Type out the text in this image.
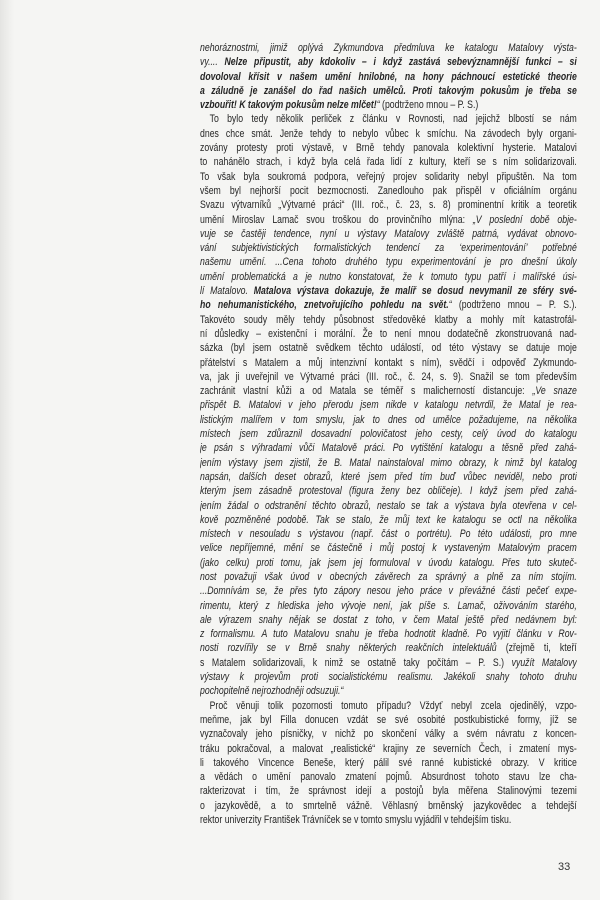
nehoráznostmi, jimiž oplývá Zykmundova předmluva ke katalogu Matalovy výsta-
vy.... Nelze připustit, aby kdokoliv – i když zastává sebevýznamnější funkci – si
dovoloval křísit v našem umění hnilobné, na hony páchnoucí estetické theorie
a záludně je zanášel do řad našich umělců. Proti takovým pokusům je třeba se
vzbouřit! K takovým pokusům nelze mlčet!“ (podtrženo mnou – P. S.)
To bylo tedy několik perliček z článku v Rovnosti, nad jejichž blbostí se nám
dnes chce smát. Jenže tehdy to nebylo vůbec k smíchu. Na závodech byly organi-
zovány protesty proti výstavě, v Brně tehdy panovala kolektivní hysterie. Matalovi
to nahánělo strach, i když byla celá řada lidí z kultury, kteří se s ním solidarizovali.
To však byla soukromá podpora, veřejný projev solidarity nebyl připuštěn. Na tom
všem byl nejhorší pocit bezmocnosti. Zanedlouho pak přispěl v oficiálním orgánu
Svazu výtvarníků „Výtvarné práci“ (III. roč., č. 23, s. 8) prominentní kritik a teoretik
umění Miroslav Lamač svou troškou do provinčního mlýna: „V poslední době obje-
vuje se častěji tendence, nyní u výstavy Matalovy zvláště patrná, vydávat obnovo-
vání subjektivistických formalistických tendencí za ‘experimentování’ potřebné
našemu umění. ...Cena tohoto druhého typu experimentování je pro dnešní úkoly
umění problematická a je nutno konstatovat, že k tomuto typu patří i malířské úsi-
lí Matalovo. Matalova výstava dokazuje, že malíř se dosud nevymanil ze sféry své-
ho nehumanistického, znetvořujícího pohledu na svět.“ (podtrženo mnou – P. S.).
Takovéto soudy měly tehdy působnost středověké klatby a mohly mít katastrofál-
ní důsledky – existenční i morální. Že to není mnou dodatečně zkonstruovaná nad-
sázka (byl jsem ostatně svědkem těchto událostí, od této výstavy se datuje moje
přátelství s Matalem a můj intenzivní kontakt s ním), svědčí i odpověď Zykmundo-
va, jak ji uveřejnil ve Výtvarné práci (III. roč., č. 24, s. 9). Snažil se tom především
zachránit vlastní kůži a od Matala se téměř s malicherností distancuje: „Ve snaze
přispět B. Matalovi v jeho přerodu jsem nikde v katalogu netvrdil, že Matal je rea-
listickým malířem v tom smyslu, jak to dnes od umělce požadujeme, na několika
místech jsem zdůraznil dosavadní polovičatost jeho cesty, celý úvod do katalogu
je psán s výhradami vůči Matalově práci. Po vytištění katalogu a těsně před zahá-
jením výstavy jsem zjistil, že B. Matal nainstaloval mimo obrazy, k nimž byl katalog
napsán, dalších deset obrazů, které jsem před tím buď vůbec neviděl, nebo proti
kterým jsem zásadně protestoval (figura ženy bez obličeje). I když jsem před zahá-
jením žádal o odstranění těchto obrazů, nestalo se tak a výstava byla otevřena v cel-
kově pozměněné podobě. Tak se stalo, že můj text ke katalogu se octl na několika
místech v nesouladu s výstavou (např. část o portrétu). Po této události, pro mne
velice nepříjemné, mění se částečně i můj postoj k vystaveným Matalovým pracem
(jako celku) proti tomu, jak jsem jej formuloval v úvodu katalogu. Přes tuto skuteč-
nost považuji však úvod v obecných závěrech za správný a plně za ním stojím.
...Domnívám se, že přes tyto zápory nesou jeho práce v převážné části pečeť expe-
rimentu, který z hlediska jeho vývoje není, jak píše s. Lamač, oživováním starého,
ale výrazem snahy nějak se dostat z toho, v čem Matal ještě před nedávnem byl:
z formalismu. A tuto Matalovu snahu je třeba hodnotit kladně. Po vyjití článku v Rov-
nosti rozvířily se v Brně snahy některých reakčních intelektuálů (zřejmě ti, kteří
s Matalem solidarizovali, k nimž se ostatně taky počítám – P. S.) využít Matalovy
výstavy k projevům proti socialistickému realismu. Jakékoli snahy tohoto druhu
pochopitelně nejrozhodněji odsuzuji.“
Proč věnuji tolik pozornosti tomuto případu? Vždyť nebyl zcela ojedinělý, vzpo-
meňme, jak byl Filla donucen vzdát se své osobité postkubistické formy, jíž se
vyznačovaly jeho písničky, v nichž po skončení války a svém návratu z koncen-
tráku pokračoval, a malovat „realistické“ krajiny ze severních Čech, i zmatení mys-
li takového Vincence Beneše, který pálil své ranné kubistické obrazy. V kritice
a vědách o umění panovalo zmatení pojmů. Absurdnost tohoto stavu lze cha-
rakterizovat i tím, že správnost idejí a postojů byla měřena Stalinovými tezemi
o jazykovědě, a to smrtelně vážně. Věhlasný brněnský jazykovědec a tehdejší
rektor univerzity František Trávníček se v tomto smyslu vyjádřil v tehdejším tisku.
33
